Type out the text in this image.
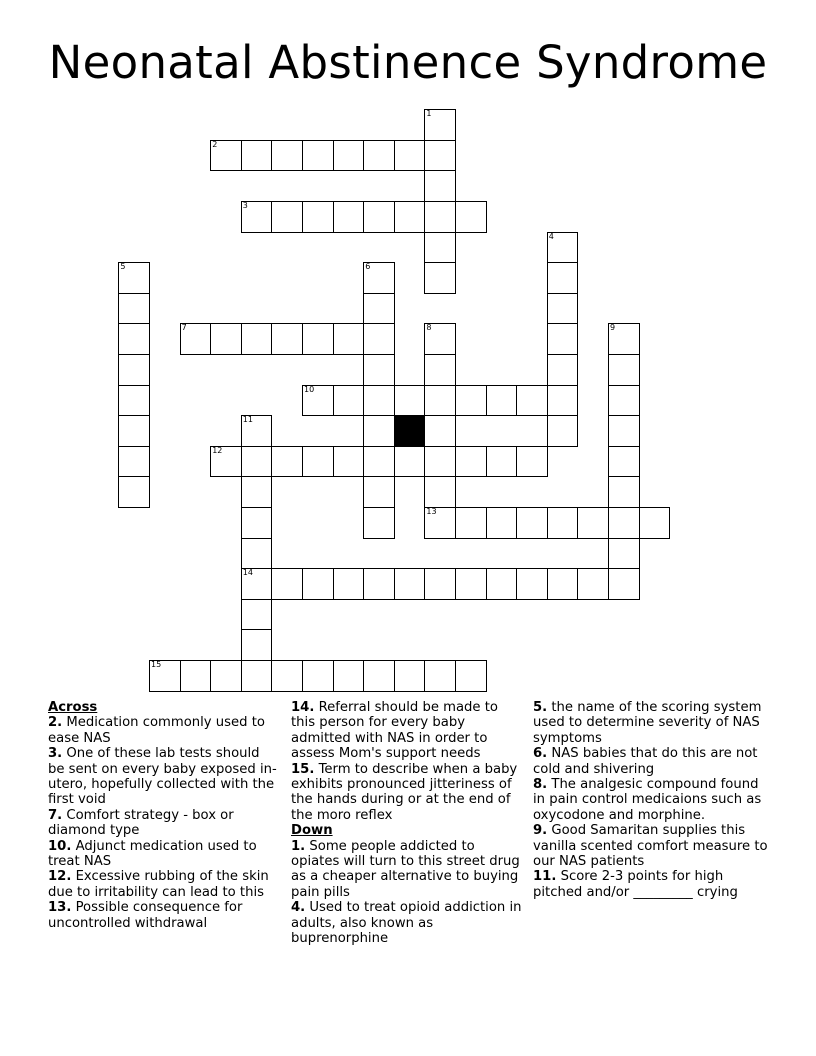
Neonatal Abstinence Syndrome
1
2
3
4
5	6
7	8	9
10
11
14
12
13
15
Across

2. Medication commonly used to ease NAS

3. One of these lab tests should be sent on every baby exposed in-utero, hopefully collected with the first void

7. Comfort strategy - box or diamond type

10. Adjunct medication used to treat NAS

12. Excessive rubbing of the skin due to irritability can lead to this

13. Possible consequence for uncontrolled withdrawal

14. Referral should be made to this person for every baby admitted with NAS in order to assess Mom's support needs

15. Term to describe when a baby exhibits pronounced jitteriness of the hands during or at the end of the moro reflex

Down

1. Some people addicted to opiates will turn to this street drug as a cheaper alternative to buying pain pills

4. Used to treat opioid addiction in adults, also known as buprenorphine

5. the name of the scoring system used to determine severity of NAS symptoms

6. NAS babies that do this are not cold and shivering

8. The analgesic compound found in pain control medicaions such as oxycodone and morphine.

9. Good Samaritan supplies this vanilla scented comfort measure to our NAS patients

11. Score 2-3 points for high pitched and/or _________ crying
